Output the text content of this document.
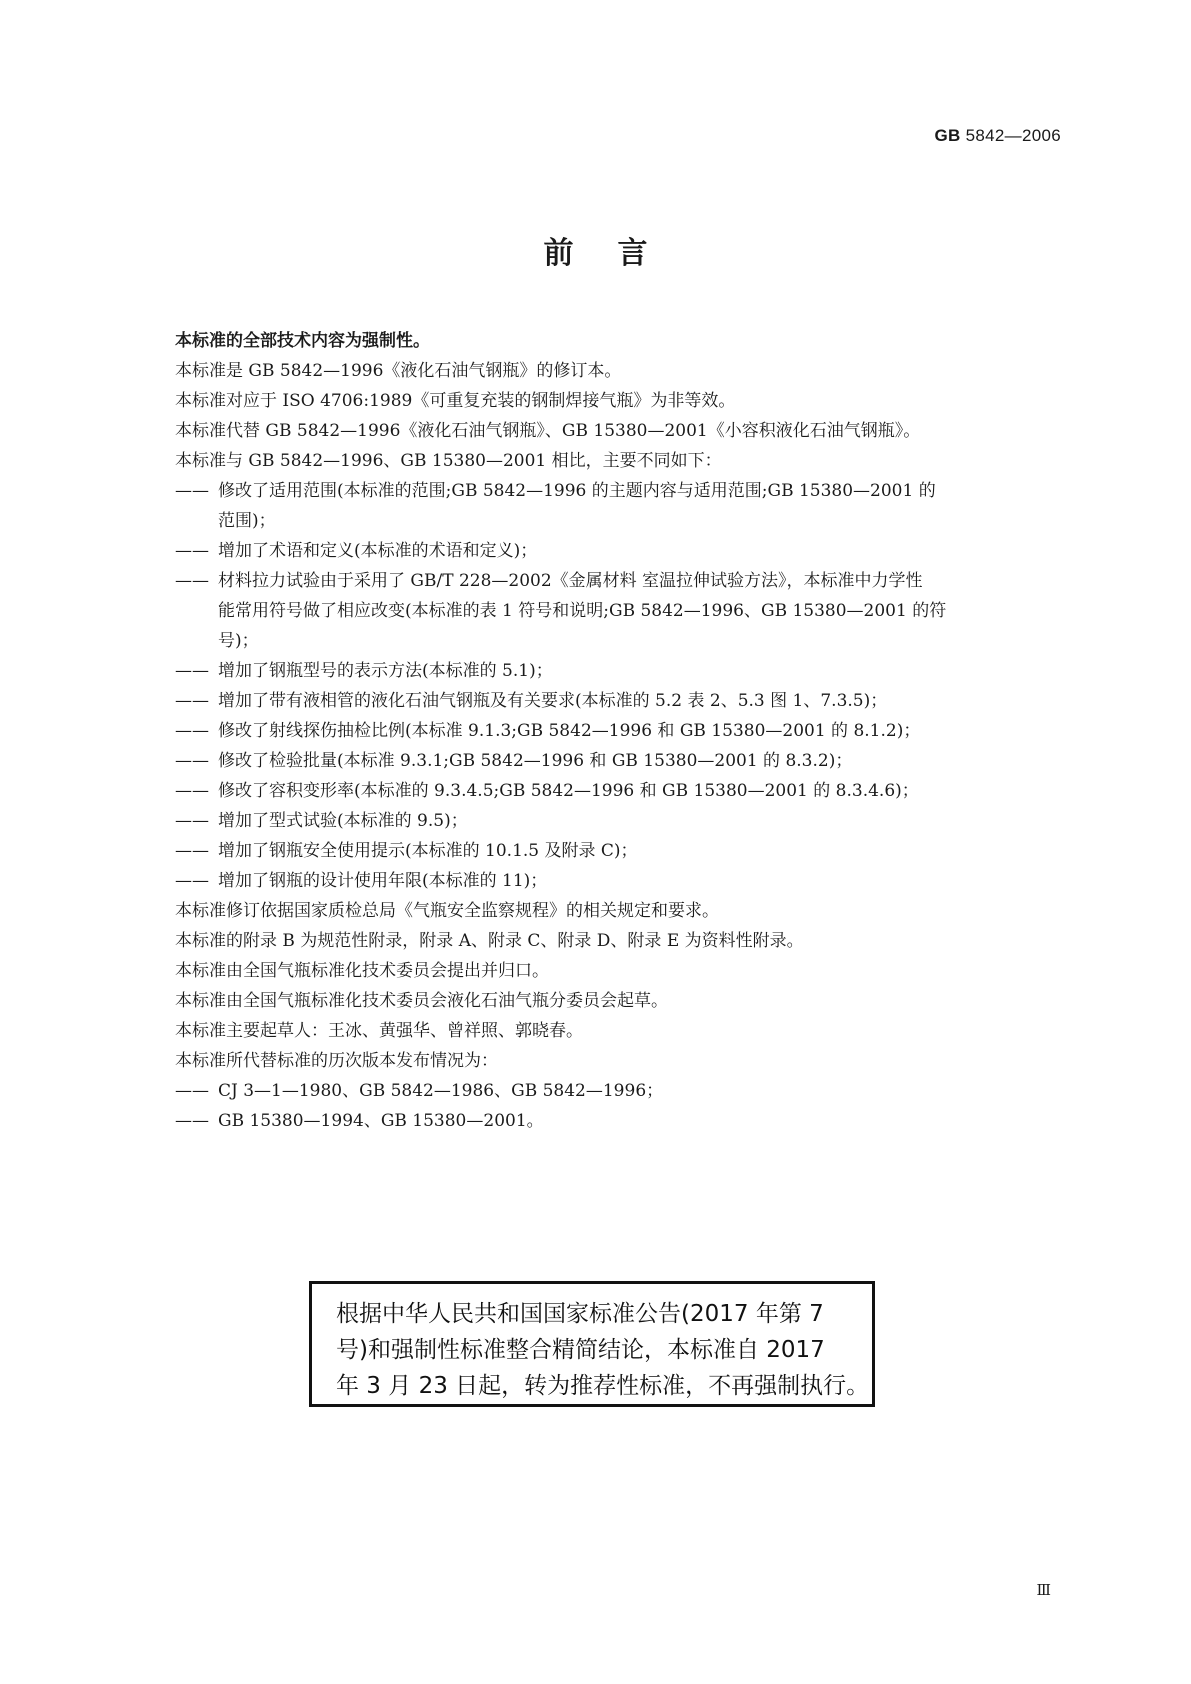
GB 5842—2006
前言

本标准的全部技术内容为强制性。

本标准是 GB 5842—1996《液化石油气钢瓶》的修订本。

本标准对应于 ISO 4706:1989《可重复充装的钢制焊接气瓶》为非等效。

本标准代替 GB 5842—1996《液化石油气钢瓶》、GB 15380—2001《小容积液化石油气钢瓶》。

本标准与 GB 5842—1996、GB 15380—2001 相比，主要不同如下：

—— 修改了适用范围(本标准的范围;GB 5842—1996 的主题内容与适用范围;GB 15380—2001 的
范围)；
—— 增加了术语和定义(本标准的术语和定义)；
—— 材料拉力试验由于采用了 GB/T 228—2002《金属材料 室温拉伸试验方法》，本标准中力学性
能常用符号做了相应改变(本标准的表 1 符号和说明;GB 5842—1996、GB 15380—2001 的符
号)；
—— 增加了钢瓶型号的表示方法(本标准的 5.1)；
—— 增加了带有液相管的液化石油气钢瓶及有关要求(本标准的 5.2 表 2、5.3 图 1、7.3.5)；
—— 修改了射线探伤抽检比例(本标准 9.1.3;GB 5842—1996 和 GB 15380—2001 的 8.1.2)；
—— 修改了检验批量(本标准 9.3.1;GB 5842—1996 和 GB 15380—2001 的 8.3.2)；
—— 修改了容积变形率(本标准的 9.3.4.5;GB 5842—1996 和 GB 15380—2001 的 8.3.4.6)；
—— 增加了型式试验(本标准的 9.5)；
—— 增加了钢瓶安全使用提示(本标准的 10.1.5 及附录 C)；
—— 增加了钢瓶的设计使用年限(本标准的 11)；

本标准修订依据国家质检总局《气瓶安全监察规程》的相关规定和要求。

本标准的附录 B 为规范性附录，附录 A、附录 C、附录 D、附录 E 为资料性附录。

本标准由全国气瓶标准化技术委员会提出并归口。

本标准由全国气瓶标准化技术委员会液化石油气瓶分委员会起草。

本标准主要起草人：王冰、黄强华、曾祥照、郭晓春。

本标准所代替标准的历次版本发布情况为：

—— CJ 3—1—1980、GB 5842—1986、GB 5842—1996；
—— GB 15380—1994、GB 15380—2001。
根据中华人民共和国国家标准公告(2017 年第 7
号)和强制性标准整合精简结论，本标准自 2017
年 3 月 23 日起，转为推荐性标准，不再强制执行。
Ⅲ
